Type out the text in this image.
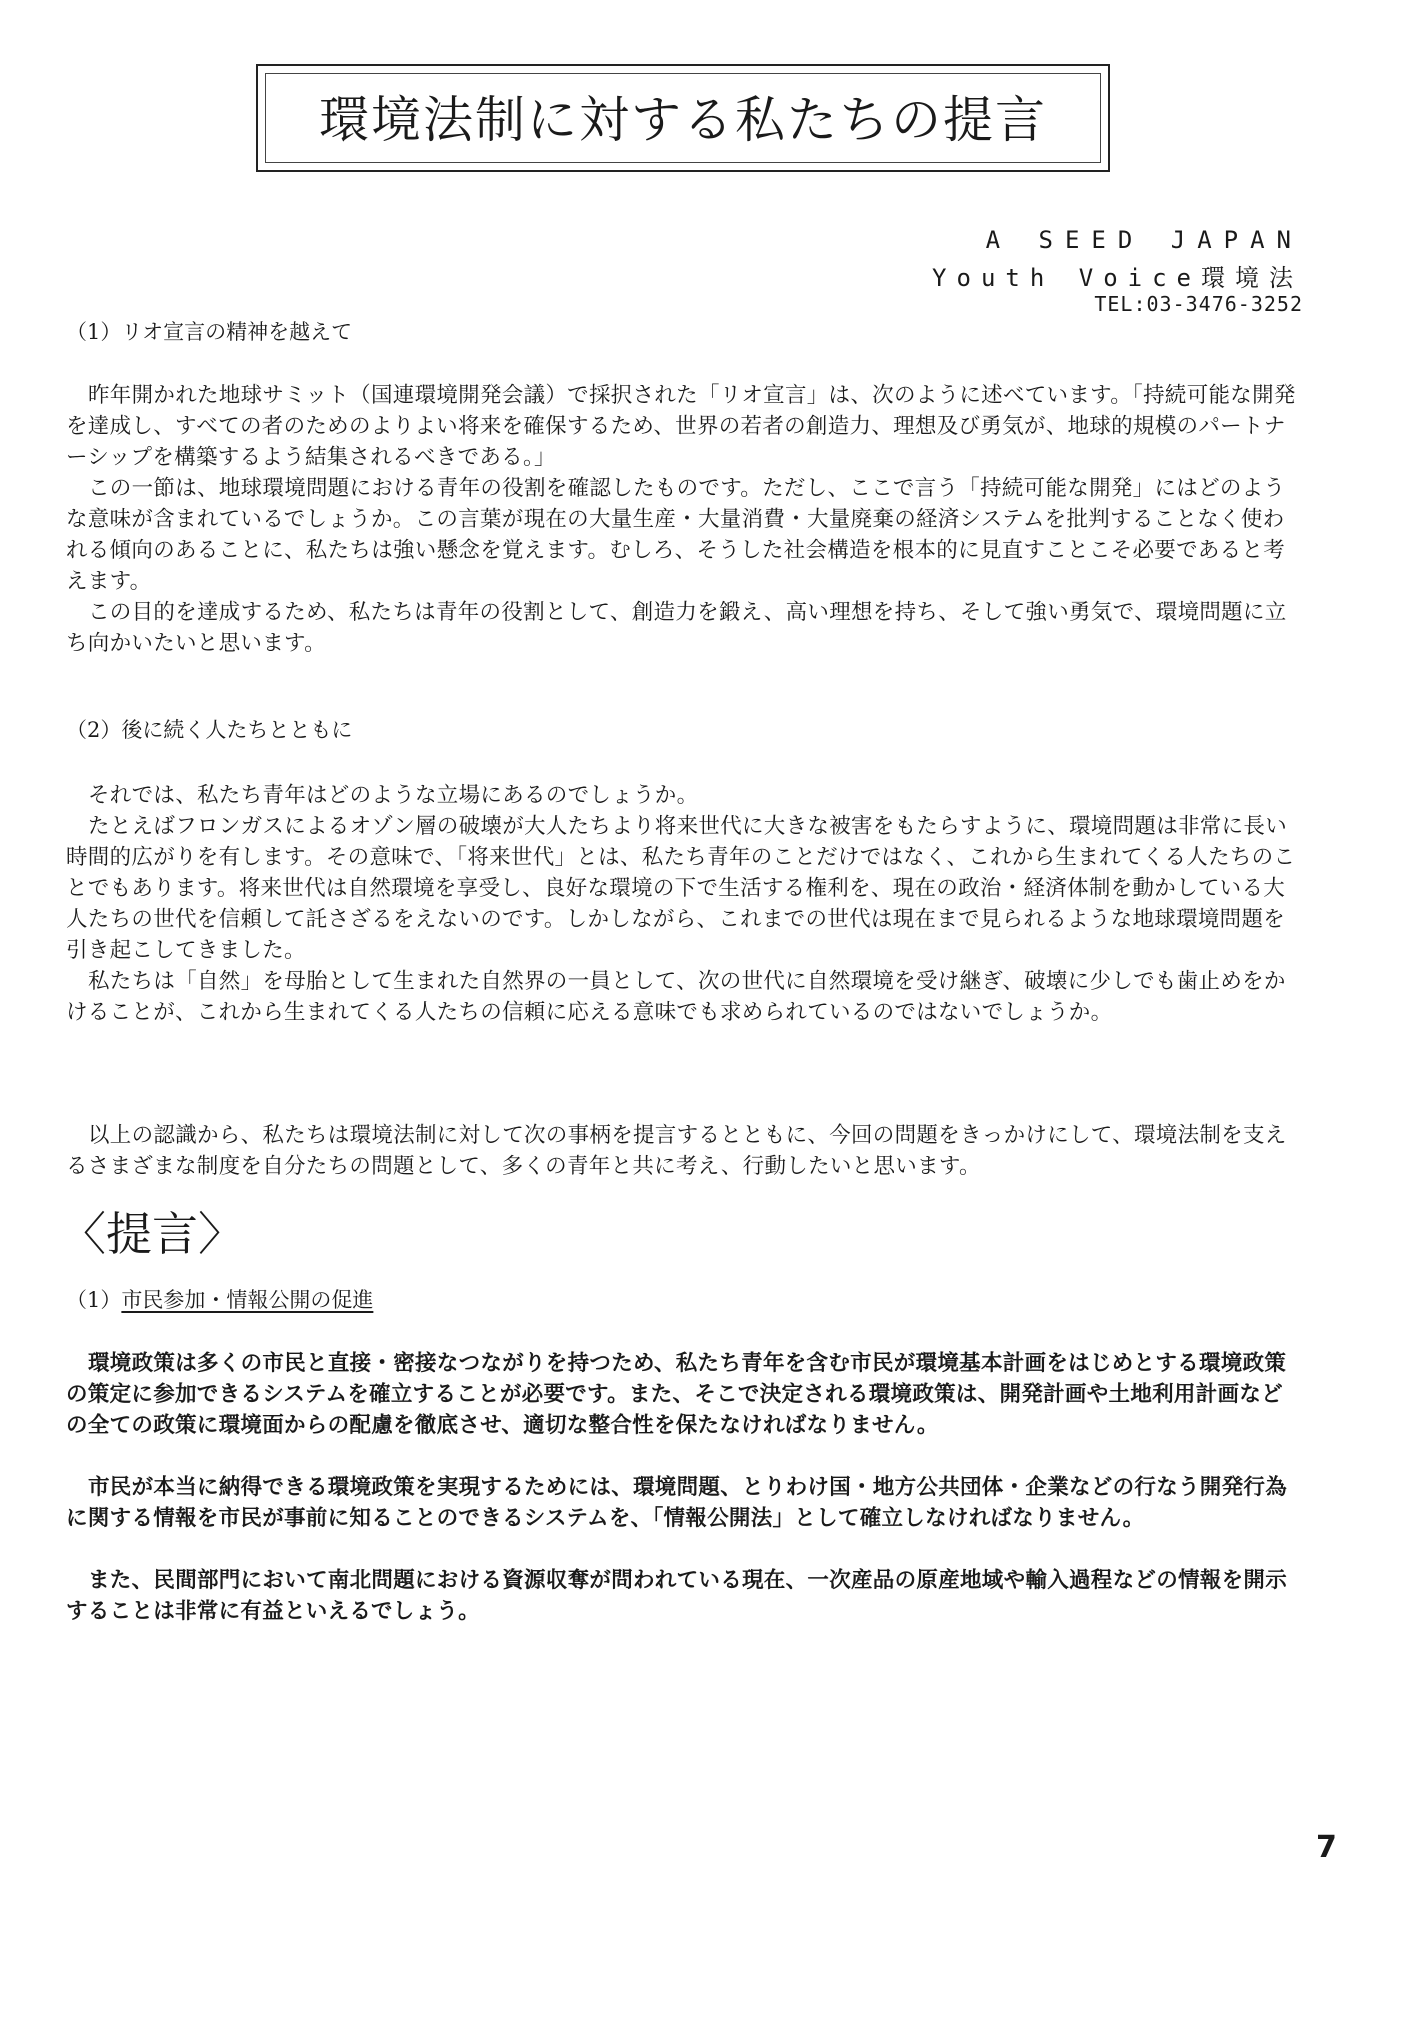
環境法制に対する私たちの提言
A SEED JAPAN
Youth Voice環境法
TEL:03-3476-3252
（1）リオ宣言の精神を越えて
昨年開かれた地球サミット（国連環境開発会議）で採択された「リオ宣言」は、次のように述べています。「持続可能な開発を達成し、すべての者のためのよりよい将来を確保するため、世界の若者の創造力、理想及び勇気が、地球的規模のパートナーシップを構築するよう結集されるべきである。」
この一節は、地球環境問題における青年の役割を確認したものです。ただし、ここで言う「持続可能な開発」にはどのような意味が含まれているでしょうか。この言葉が現在の大量生産・大量消費・大量廃棄の経済システムを批判することなく使われる傾向のあることに、私たちは強い懸念を覚えます。むしろ、そうした社会構造を根本的に見直すことこそ必要であると考えます。
この目的を達成するため、私たちは青年の役割として、創造力を鍛え、高い理想を持ち、そして強い勇気で、環境問題に立ち向かいたいと思います。
（2）後に続く人たちとともに
それでは、私たち青年はどのような立場にあるのでしょうか。
たとえばフロンガスによるオゾン層の破壊が大人たちより将来世代に大きな被害をもたらすように、環境問題は非常に長い時間的広がりを有します。その意味で、「将来世代」とは、私たち青年のことだけではなく、これから生まれてくる人たちのことでもあります。将来世代は自然環境を享受し、良好な環境の下で生活する権利を、現在の政治・経済体制を動かしている大人たちの世代を信頼して託さざるをえないのです。しかしながら、これまでの世代は現在まで見られるような地球環境問題を引き起こしてきました。
私たちは「自然」を母胎として生まれた自然界の一員として、次の世代に自然環境を受け継ぎ、破壊に少しでも歯止めをかけることが、これから生まれてくる人たちの信頼に応える意味でも求められているのではないでしょうか。
以上の認識から、私たちは環境法制に対して次の事柄を提言するとともに、今回の問題をきっかけにして、環境法制を支えるさまざまな制度を自分たちの問題として、多くの青年と共に考え、行動したいと思います。
〈提言〉
（1）市民参加・情報公開の促進
環境政策は多くの市民と直接・密接なつながりを持つため、私たち青年を含む市民が環境基本計画をはじめとする環境政策の策定に参加できるシステムを確立することが必要です。また、そこで決定される環境政策は、開発計画や土地利用計画などの全ての政策に環境面からの配慮を徹底させ、適切な整合性を保たなければなりません。
市民が本当に納得できる環境政策を実現するためには、環境問題、とりわけ国・地方公共団体・企業などの行なう開発行為に関する情報を市民が事前に知ることのできるシステムを、「情報公開法」として確立しなければなりません。
また、民間部門において南北問題における資源収奪が問われている現在、一次産品の原産地域や輸入過程などの情報を開示することは非常に有益といえるでしょう。
7
